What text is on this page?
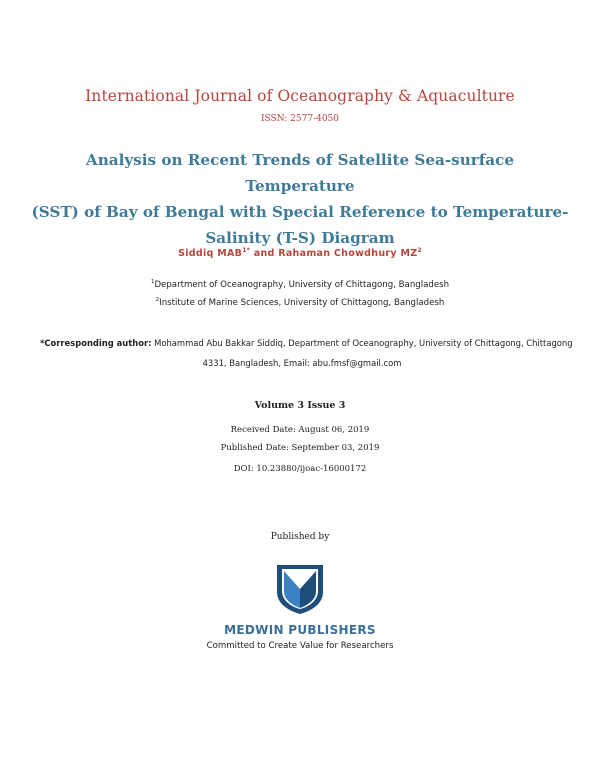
International Journal of Oceanography & Aquaculture
ISSN: 2577-4050
Analysis on Recent Trends of Satellite Sea-surface Temperature
(SST) of Bay of Bengal with Special Reference to Temperature-
Salinity (T-S) Diagram
Siddiq $MAB^{1*}$ and Rahaman Chowdhury $MZ^2$
$^1$Department of Oceanography, University of Chittagong, Bangladesh
$^2$Institute of Marine Sciences, University of Chittagong, Bangladesh
*Corresponding author: Mohammad Abu Bakkar Siddiq, Department of Oceanography, University of Chittagong, Chittagong
4331, Bangladesh, Email: abu.fmsf@gmail.com
Volume 3 Issue 3
Received Date: August 06, 2019
Published Date: September 03, 2019
DOI: 10.23880/ijoac-16000172
Published by
MEDWIN PUBLISHERS
Committed to Create Value for Researchers
